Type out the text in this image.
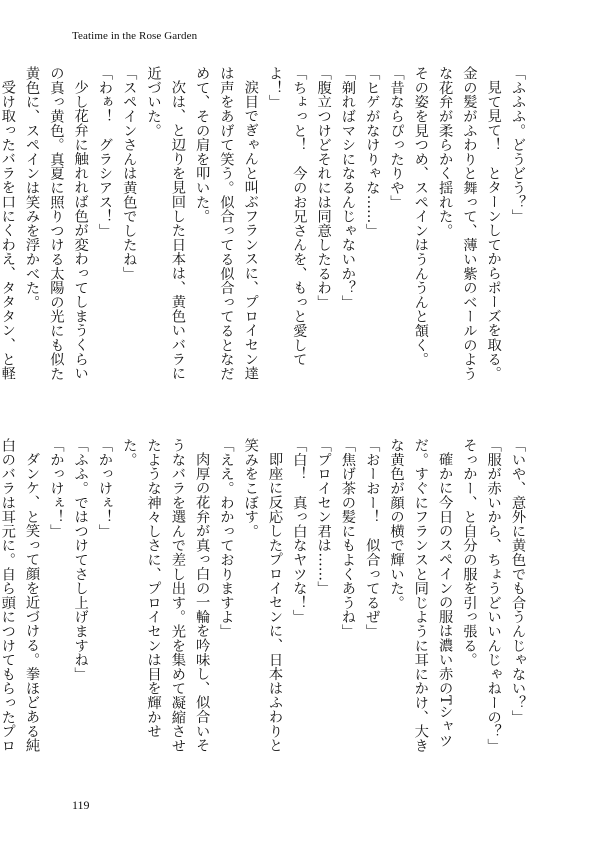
Teatime in the Rose Garden

「ふふふ。どうどう？」

見て見て！　とターンしてからポーズを取る。金の髪がふわりと舞って、薄い紫のベールのような花弁が柔らかく揺れた。

その姿を見つめ、スペインはうんうんと頷く。

「昔ならぴったりや」

「ヒゲがなけりゃな……」

「剃ればマシになるんじゃないか？」

「腹立つけどそれには同意したるわ」

「ちょっと！　今のお兄さんを、もっと愛してよ！」

涙目でぎゃんと叫ぶフランスに、プロイセン達は声をあげて笑う。似合ってる似合ってるとなだめて、その肩を叩いた。

次は、と辺りを見回した日本は、黄色いバラに近づいた。

「スペインさんは黄色でしたね」

「わぁ！　グラシアス！」

少し花弁に触れれば色が変わってしまうくらいの真っ黄色。真夏に照りつける太陽の光にも似た黄色に、スペインは笑みを浮かべた。

受け取ったバラを口にくわえ、タタタン、と軽

「いや、意外に黄色でも合うんじゃない？」

「服が赤いから、ちょうどいいんじゃねーの？」

そっかー、と自分の服を引っ張る。

確かに今日のスペインの服は濃い赤のTシャツだ。すぐにフランスと同じように耳にかけ、大きな黄色が顔の横で輝いた。

「おーおー！　似合ってるぜ」

「焦げ茶の髪にもよくあうね」

「プロイセン君は……」

「白！　真っ白なヤツな！」

即座に反応したプロイセンに、日本はふわりと笑みをこぼす。

「ええ。わかっておりますよ」

肉厚の花弁が真っ白の一輪を吟味し、似合いそうなバラを選んで差し出す。光を集めて凝縮させたような神々しさに、プロイセンは目を輝かせた。

「かっけぇ！」

「ふふ。ではつけてさし上げますね」

「かっけぇ！」

ダンケ、と笑って顔を近づける。拳ほどある純白のバラは耳元に。自ら頭につけてもらったプロ

119
